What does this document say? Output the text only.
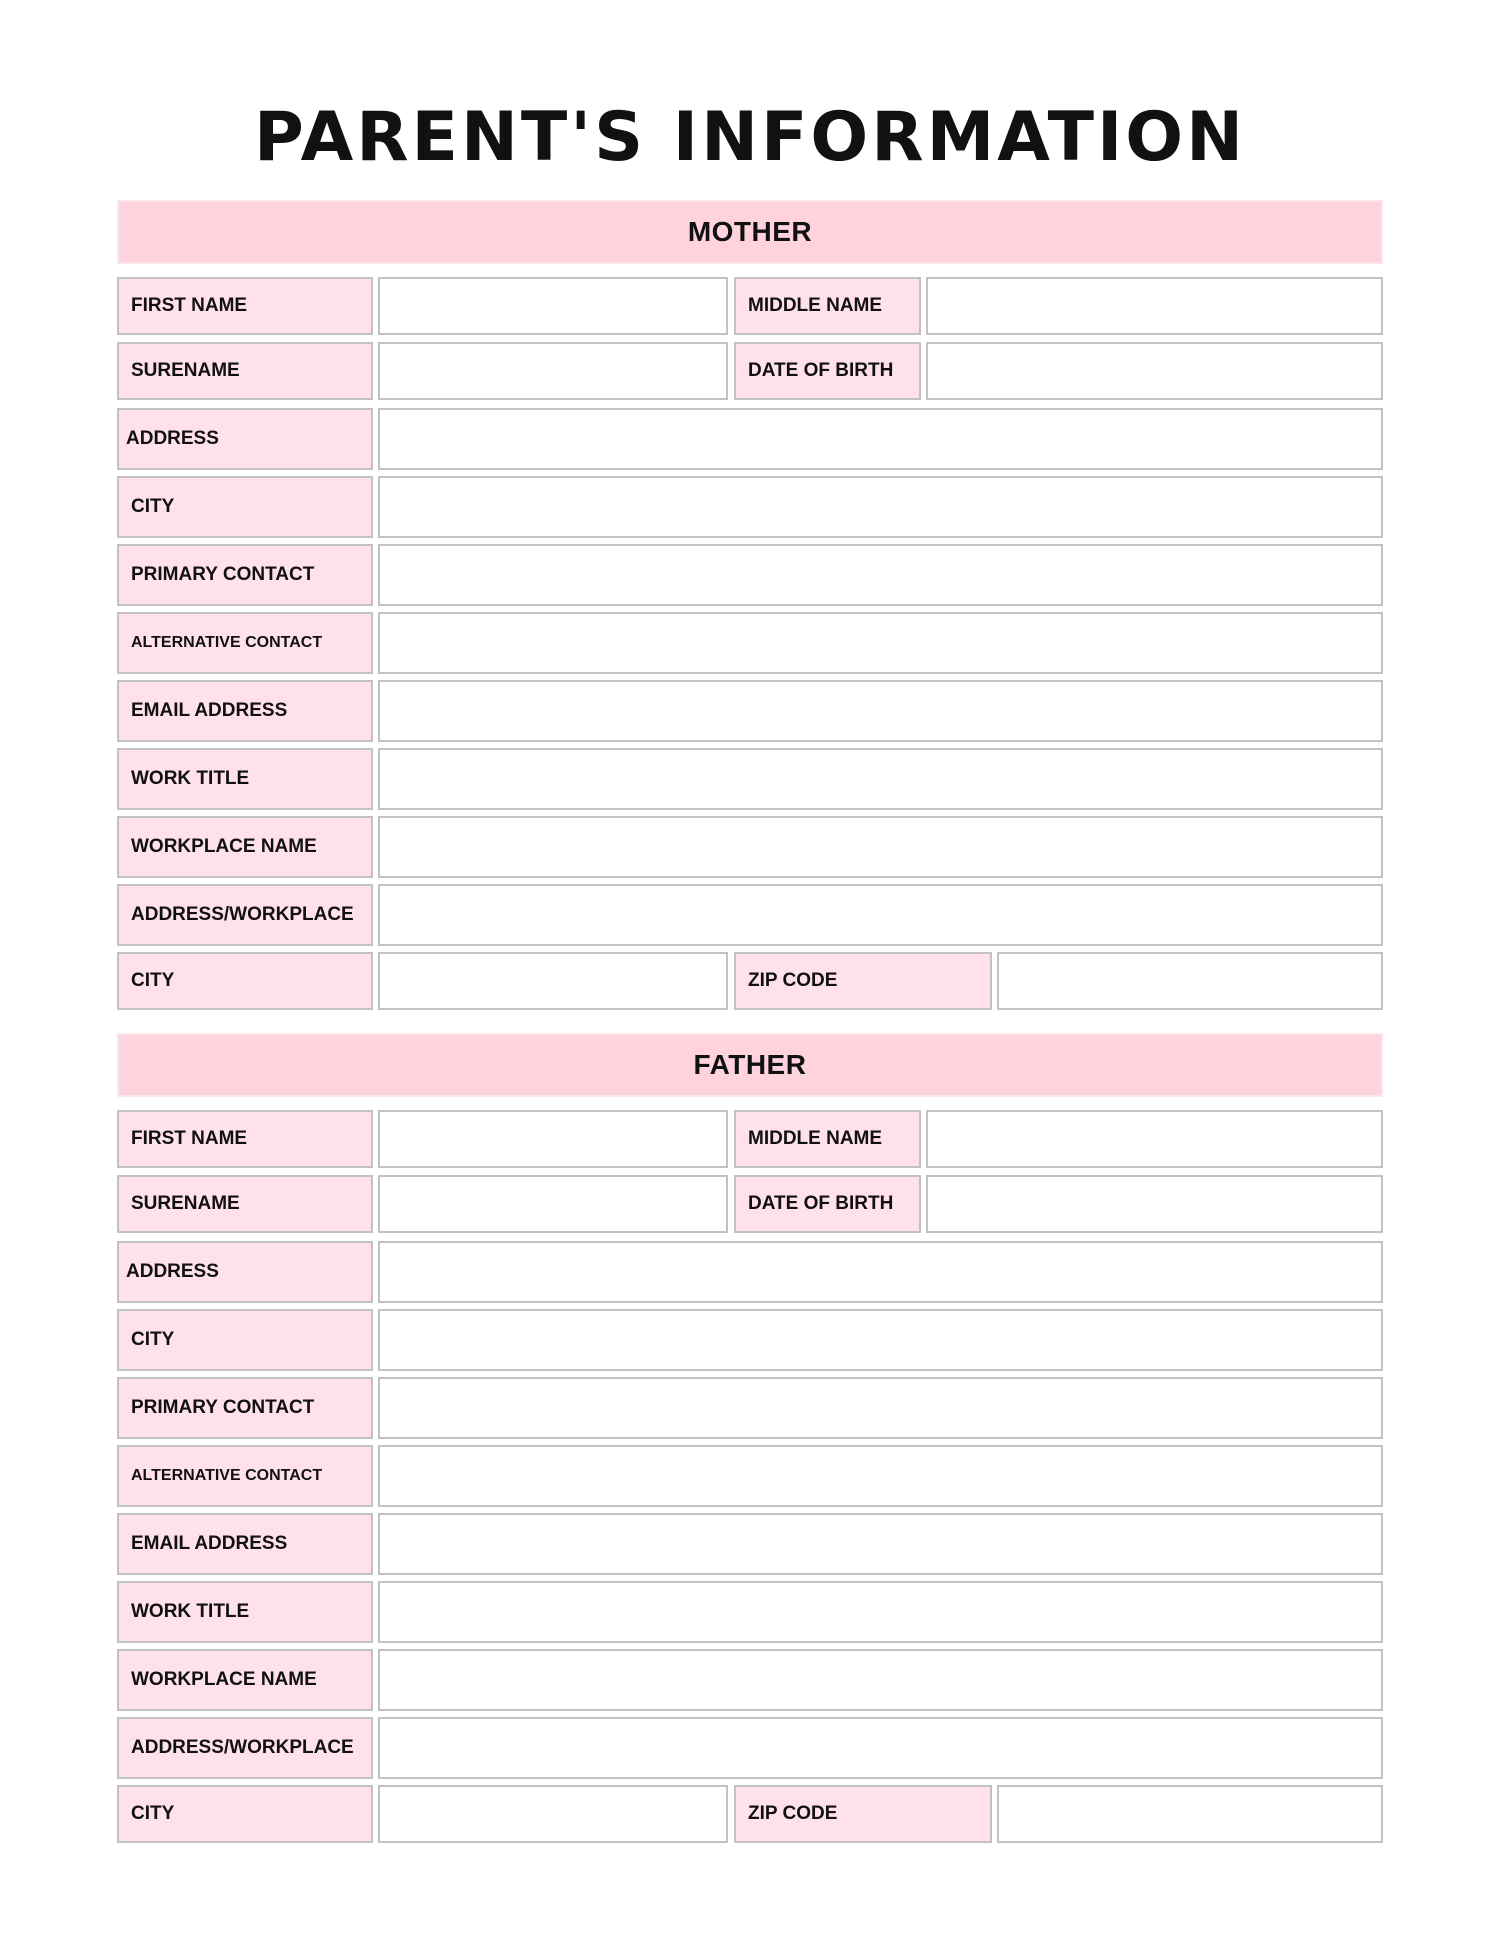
PARENT'S INFORMATION
MOTHER
FIRST NAME	MIDDLE NAME
SURENAME	DATE OF BIRTH
ADDRESS
CITY
PRIMARY CONTACT
ALTERNATIVE CONTACT
EMAIL ADDRESS
WORK TITLE
WORKPLACE NAME
ADDRESS/WORKPLACE
CITY	ZIP CODE
FATHER
FIRST NAME	MIDDLE NAME
SURENAME	DATE OF BIRTH
ADDRESS
CITY
PRIMARY CONTACT
ALTERNATIVE CONTACT
EMAIL ADDRESS
WORK TITLE
WORKPLACE NAME
ADDRESS/WORKPLACE
CITY	ZIP CODE
